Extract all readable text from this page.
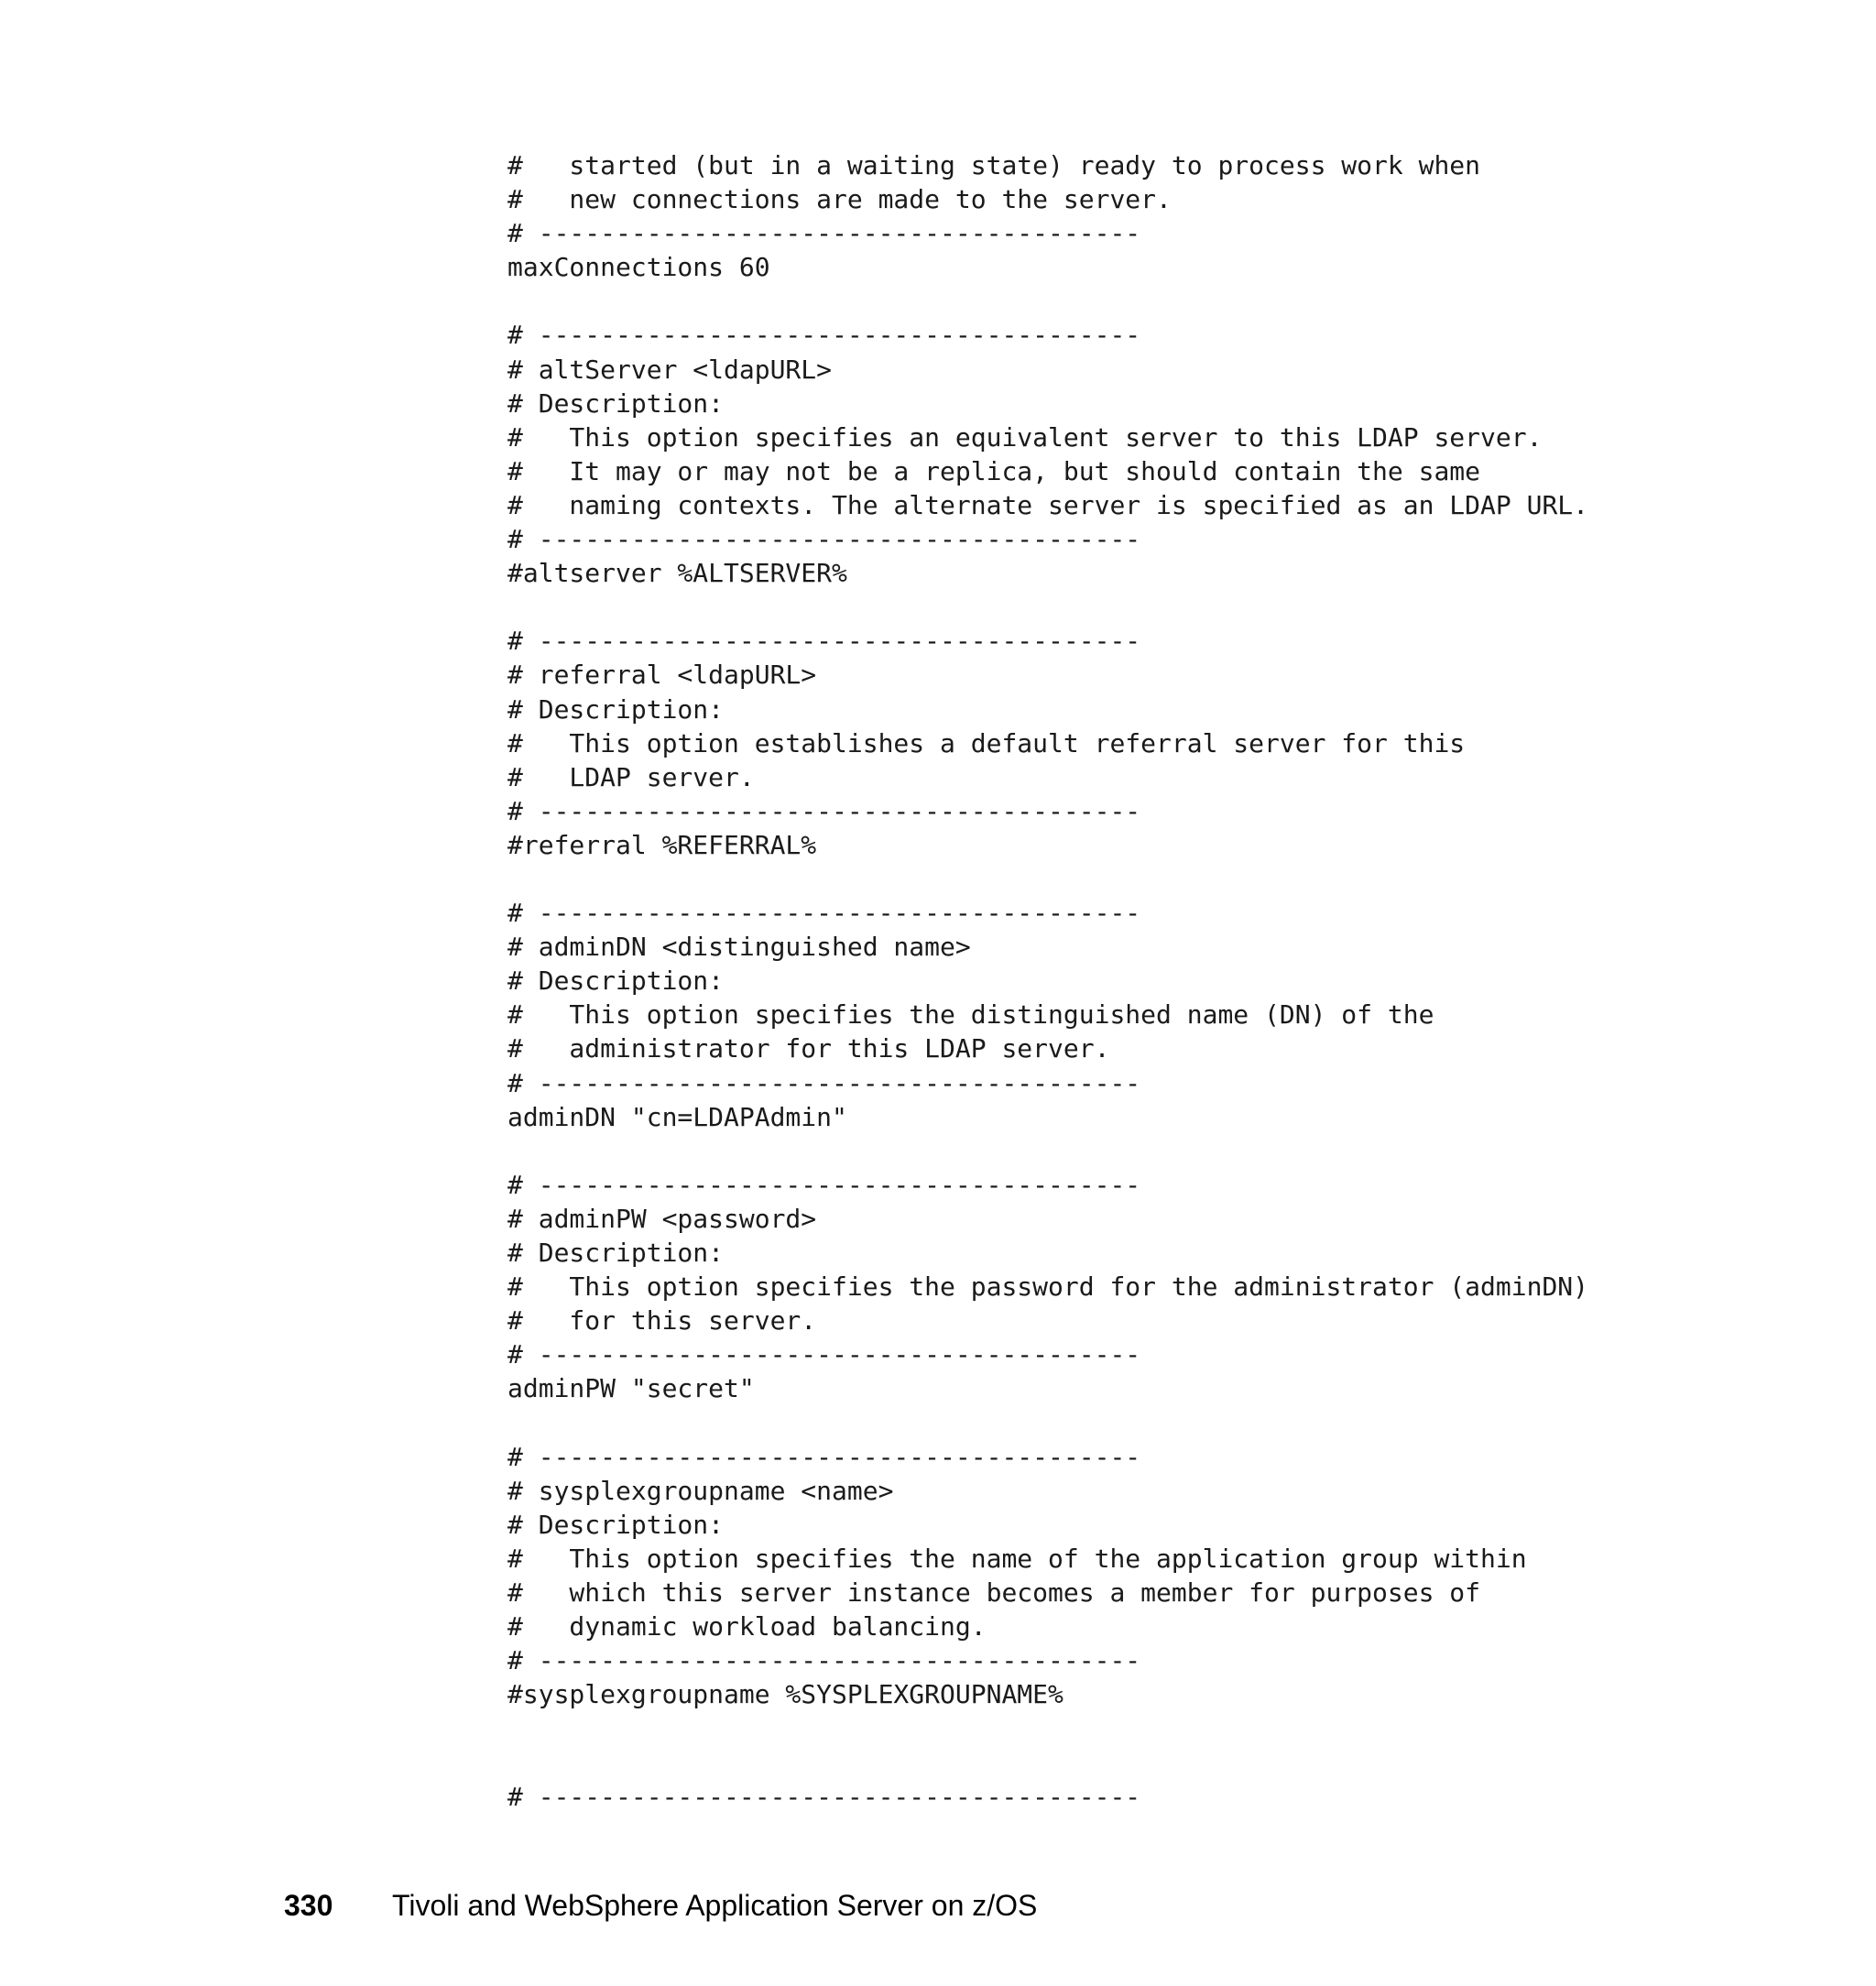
#   started (but in a waiting state) ready to process work when
#   new connections are made to the server.
# ---------------------------------------
maxConnections 60
# ---------------------------------------
# altServer <ldapURL>
# Description:
#   This option specifies an equivalent server to this LDAP server.
#   It may or may not be a replica, but should contain the same
#   naming contexts. The alternate server is specified as an LDAP URL.
# ---------------------------------------
#altserver %ALTSERVER%
# ---------------------------------------
# referral <ldapURL>
# Description:
#   This option establishes a default referral server for this
#   LDAP server.
# ---------------------------------------
#referral %REFERRAL%
# ---------------------------------------
# adminDN <distinguished name>
# Description:
#   This option specifies the distinguished name (DN) of the
#   administrator for this LDAP server.
# ---------------------------------------
adminDN "cn=LDAPAdmin"
# ---------------------------------------
# adminPW <password>
# Description:
#   This option specifies the password for the administrator (adminDN)
#   for this server.
# ---------------------------------------
adminPW "secret"
# ---------------------------------------
# sysplexgroupname <name>
# Description:
#   This option specifies the name of the application group within
#   which this server instance becomes a member for purposes of
#   dynamic workload balancing.
# ---------------------------------------
#sysplexgroupname %SYSPLEXGROUPNAME%
# ---------------------------------------
330 Tivoli and WebSphere Application Server on z/OS
